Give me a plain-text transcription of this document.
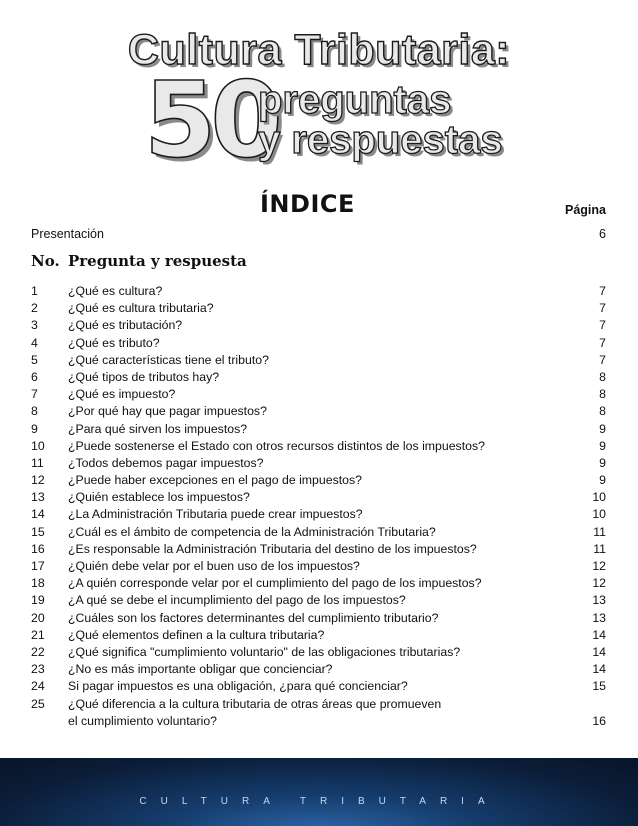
Cultura Tributaria:
50
preguntas
y respuestas
ÍNDICE	Página
Presentación	6
No. Pregunta y respuesta
1 ¿Qué es cultura?	7
2 ¿Qué es cultura tributaria?	7
3 ¿Qué es tributación?	7
4 ¿Qué es tributo?	7
5 ¿Qué características tiene el tributo?	7
6 ¿Qué tipos de tributos hay?	8
7 ¿Qué es impuesto?	8
8 ¿Por qué hay que pagar impuestos?	8
9 ¿Para qué sirven los impuestos?	9
10 ¿Puede sostenerse el Estado con otros recursos distintos de los impuestos?	9
11 ¿Todos debemos pagar impuestos?	9
12 ¿Puede haber excepciones en el pago de impuestos?	9
13 ¿Quién establece los impuestos?	10
14 ¿La Administración Tributaria puede crear impuestos?	10
15 ¿Cuál es el ámbito de competencia de la Administración Tributaria?	11
16 ¿Es responsable la Administración Tributaria del destino de los impuestos?	11
17 ¿Quién debe velar por el buen uso de los impuestos?	12
18 ¿A quién corresponde velar por el cumplimiento del pago de los impuestos?	12
19 ¿A qué se debe el incumplimiento del pago de los impuestos?	13
20 ¿Cuáles son los factores determinantes del cumplimiento tributario?	13
21 ¿Qué elementos definen a la cultura tributaria?	14
22 ¿Qué significa "cumplimiento voluntario" de las obligaciones tributarias?	14
23 ¿No es más importante obligar que concienciar?	14
24 Si pagar impuestos es una obligación, ¿para qué concienciar?	15
25 ¿Qué diferencia a la cultura tributaria de otras áreas que promueven
el cumplimiento voluntario?	16
CULTURA TRIBUTARIA
